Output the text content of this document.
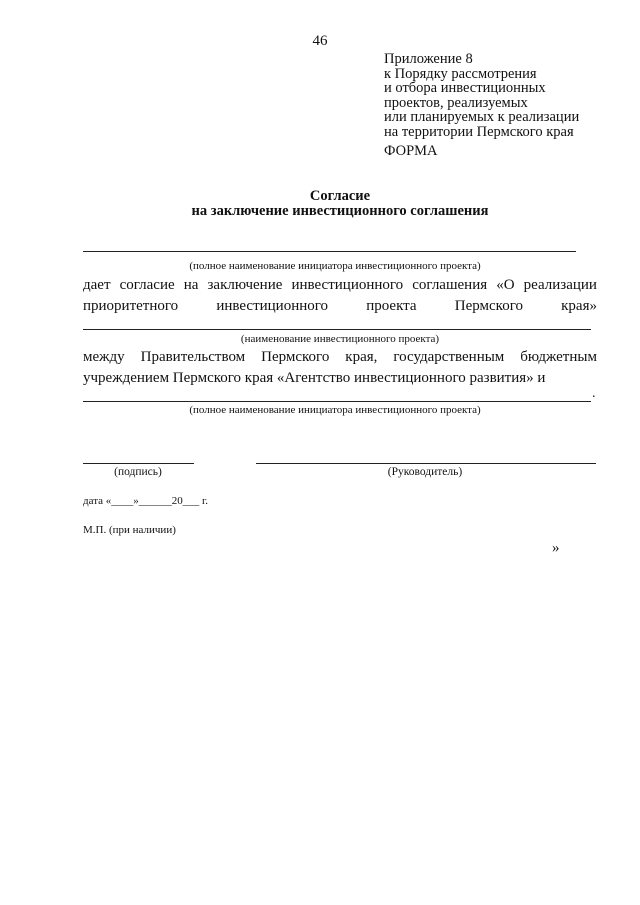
46
Приложение 8
к Порядку рассмотрения
и отбора инвестиционных
проектов, реализуемых
или планируемых к реализации
на территории Пермского края
ФОРМА
Согласие
на заключение инвестиционного соглашения
(полное наименование инициатора инвестиционного проекта)
дает согласие на заключение инвестиционного соглашения «О реализации
приоритетного	инвестиционного	проекта	Пермского	края»
(наименование инвестиционного проекта)
между Правительством Пермского края, государственным бюджетным
учреждением Пермского края «Агентство инвестиционного развития» и
.
(полное наименование инициатора инвестиционного проекта)
(подпись)	(Руководитель)
дата «____»______20___ г.
М.П. (при наличии)
»
